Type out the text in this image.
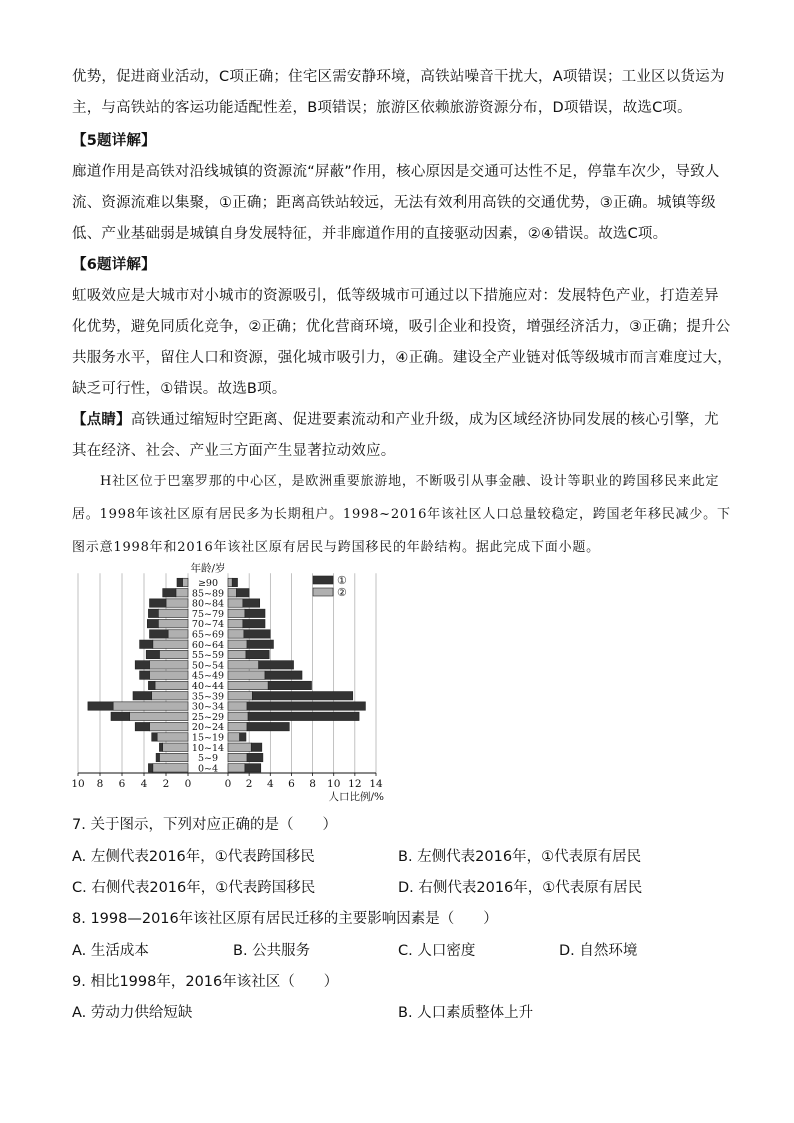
优势，促进商业活动，C项正确；住宅区需安静环境，高铁站噪音干扰大，A项错误；工业区以货运为主，与高铁站的客运功能适配性差，B项错误；旅游区依赖旅游资源分布，D项错误，故选C项。
【5题详解】
廊道作用是高铁对沿线城镇的资源流“屏蔽”作用，核心原因是交通可达性不足，停靠车次少，导致人流、资源流难以集聚，①正确；距离高铁站较远，无法有效利用高铁的交通优势，③正确。城镇等级低、产业基础弱是城镇自身发展特征，并非廊道作用的直接驱动因素，②④错误。故选C项。
【6题详解】
虹吸效应是大城市对小城市的资源吸引，低等级城市可通过以下措施应对：发展特色产业，打造差异化优势，避免同质化竞争，②正确；优化营商环境，吸引企业和投资，增强经济活力，③正确；提升公共服务水平，留住人口和资源，强化城市吸引力，④正确。建设全产业链对低等级城市而言难度过大，缺乏可行性，①错误。故选B项。
【点睛】高铁通过缩短时空距离、促进要素流动和产业升级，成为区域经济协同发展的核心引擎，尤其在经济、社会、产业三方面产生显著拉动效应。
H社区位于巴塞罗那的中心区，是欧洲重要旅游地，不断吸引从事金融、设计等职业的跨国移民来此定居。1998年该社区原有居民多为长期租户。1998~2016年该社区人口总量较稳定，跨国老年移民减少。下图示意1998年和2016年该社区原有居民与跨国移民的年龄结构。据此完成下面小题。
0~4
5~9
10~14
15~19
20~24
25~29
30~34
35~39
40~44
45~49
50~54
55~59
60~64
65~69
70~74
75~79
80~84
85~89
≥90
10 8 6 4 2 0	0 2 4 6 8 10 12 14
年龄/岁
人口比例/%
①
②
7. 关于图示，下列对应正确的是（　　）
A. 左侧代表2016年，①代表跨国移民	B. 左侧代表2016年，①代表原有居民
C. 右侧代表2016年，①代表跨国移民	D. 右侧代表2016年，①代表原有居民
8. 1998—2016年该社区原有居民迁移的主要影响因素是（　　）
A. 生活成本	B. 公共服务	C. 人口密度	D. 自然环境
9. 相比1998年，2016年该社区（　　）
A. 劳动力供给短缺	B. 人口素质整体上升
